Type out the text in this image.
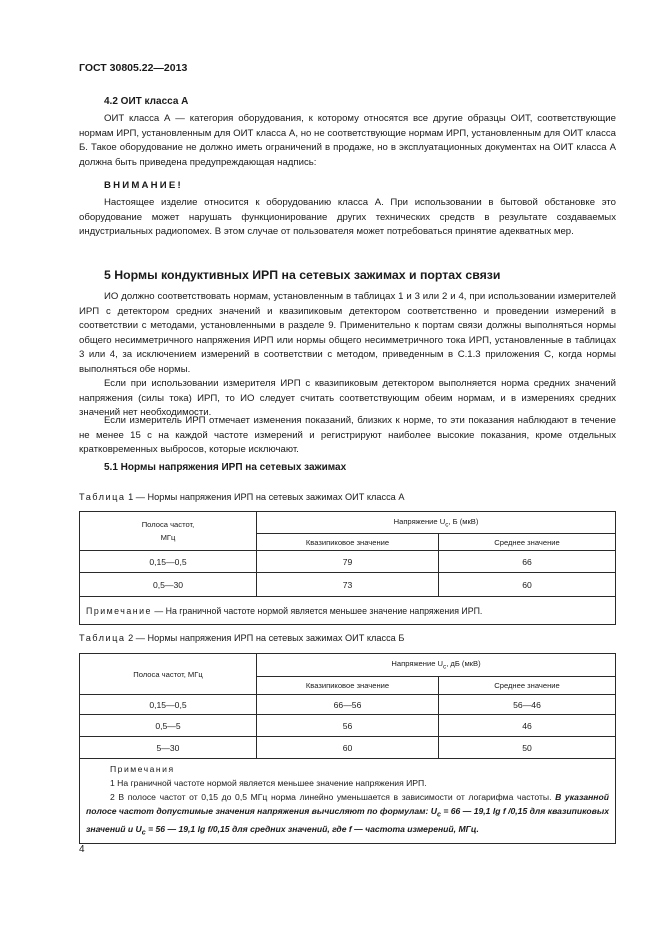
ГОСТ 30805.22—2013
4.2 ОИТ класса А
ОИТ класса А — категория оборудования, к которому относятся все другие образцы ОИТ, соответствующие нормам ИРП, установленным для ОИТ класса А, но не соответствующие нормам ИРП, установленным для ОИТ класса Б. Такое оборудование не должно иметь ограничений в продаже, но в эксплуатационных документах на ОИТ класса А должна быть приведена предупреждающая надпись:
ВНИМАНИЕ!
Настоящее изделие относится к оборудованию класса А. При использовании в бытовой обстановке это оборудование может нарушать функционирование других технических средств в результате создаваемых индустриальных радиопомех. В этом случае от пользователя может потребоваться принятие адекватных мер.
5 Нормы кондуктивных ИРП на сетевых зажимах и портах связи
ИО должно соответствовать нормам, установленным в таблицах 1 и 3 или 2 и 4, при использовании измерителей ИРП с детектором средних значений и квазипиковым детектором соответственно и проведении измерений в соответствии с методами, установленными в разделе 9. Применительно к портам связи должны выполняться нормы общего несимметричного напряжения ИРП или нормы общего несимметричного тока ИРП, установленные в таблицах 3 или 4, за исключением измерений в соответствии с методом, приведенным в С.1.3 приложения С, когда нормы выполняться обе нормы.
Если при использовании измерителя ИРП с квазипиковым детектором выполняется норма средних значений напряжения (силы тока) ИРП, то ИО следует считать соответствующим обеим нормам, и в измерениях средних значений нет необходимости.
Если измеритель ИРП отмечает изменения показаний, близких к норме, то эти показания наблюдают в течение не менее 15 с на каждой частоте измерений и регистрируют наиболее высокие показания, кроме отдельных кратковременных выбросов, которые исключают.
5.1 Нормы напряжения ИРП на сетевых зажимах
Таблица 1 — Нормы напряжения ИРП на сетевых зажимах ОИТ класса А
Полоса частот,
МГц	Напряжение $U_с$, Б (мкВ)	
	Квазипиковое значение	Среднее значение
0,15—0,5	79	66
0,5—30	73	60
Примечание — На граничной частоте нормой является меньшее значение напряжения ИРП.		
Таблица 2 — Нормы напряжения ИРП на сетевых зажимах ОИТ класса Б
Полоса частот, МГц	Напряжение $U_с$, дБ (мкВ)	
	Квазипиковое значение	Среднее значение
0,15—0,5	66—56	56—46
0,5—5	56	46
5—30	60	50

Примечания
1 На граничной частоте нормой является меньшее значение напряжения ИРП.
2 В полосе частот от 0,15 до 0,5 МГц норма линейно уменьшается в зависимости от логарифма частоты. В указанной полосе частот допустимые значения напряжения вычисляют по формулам: $U_c = 66$ — 19,1 lg f /0,15 для квазипиковых значений и $U_c = 56$ — 19,1 lg f/0,15 для средних значений, где f — частота измерений, МГц.		
4
